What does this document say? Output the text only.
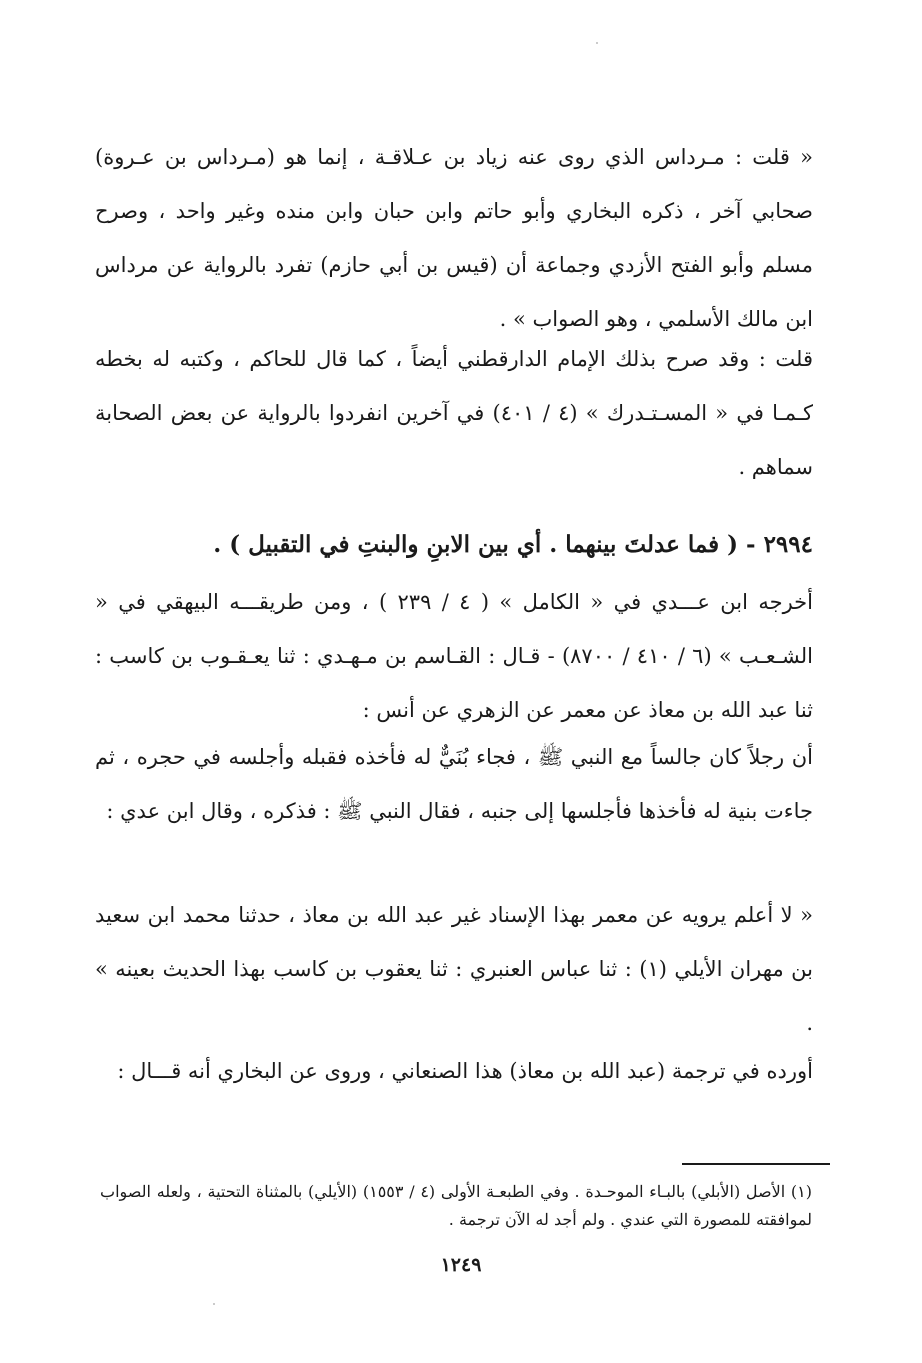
« قلت : مـرداس الذي روى عنه زياد بن عـلاقـة ، إنما هو (مـرداس بن عـروة) صحابي آخر ، ذكره البخاري وأبو حاتم وابن حبان وابن منده وغير واحد ، وصرح مسلم وأبو الفتح الأزدي وجماعة أن (قيس بن أبي حازم) تفرد بالرواية عن مرداس ابن مالك الأسلمي ، وهو الصواب » .

قلت : وقد صرح بذلك الإمام الدارقطني أيضاً ، كما قال للحاكم ، وكتبه له بخطه كـمـا في « المسـتـدرك » (٤ / ٤٠١) في آخرين انفردوا بالرواية عن بعض الصحابة سماهم .

٢٩٩٤ - ( فما عدلتَ بينهما . أي بين الابنِ والبنتِ في التقبيل ) .

أخرجه ابن عـــدي في « الكامل » ( ٤ / ٢٣٩ ) ، ومن طريقـــه البيهقي في « الشـعـب » (٦ / ٤١٠ / ٨٧٠٠) - قـال : القـاسم بن مـهـدي : ثنا يعـقـوب بن كاسب : ثنا عبد الله بن معاذ عن معمر عن الزهري عن أنس :

أن رجلاً كان جالساً مع النبي ﷺ ، فجاء بُنَيٌّ له فأخذه فقبله وأجلسه في حجره ، ثم جاءت بنية له فأخذها فأجلسها إلى جنبه ، فقال النبي ﷺ : فذكره ، وقال ابن عدي :

« لا أعلم يرويه عن معمر بهذا الإسناد غير عبد الله بن معاذ ، حدثنا محمد ابن سعيد بن مهران الأيلي (١) : ثنا عباس العنبري : ثنا يعقوب بن كاسب بهذا الحديث بعينه » .

أورده في ترجمة (عبد الله بن معاذ) هذا الصنعاني ، وروى عن البخاري أنه قـــال :

(١) الأصل (الأبلي) بالبـاء الموحـدة . وفي الطبعـة الأولى (٤ / ١٥٥٣) (الأيلي) بالمثناة التحتية ، ولعله الصواب لموافقته للمصورة التي عندي . ولم أجد له الآن ترجمة .

١٢٤٩
